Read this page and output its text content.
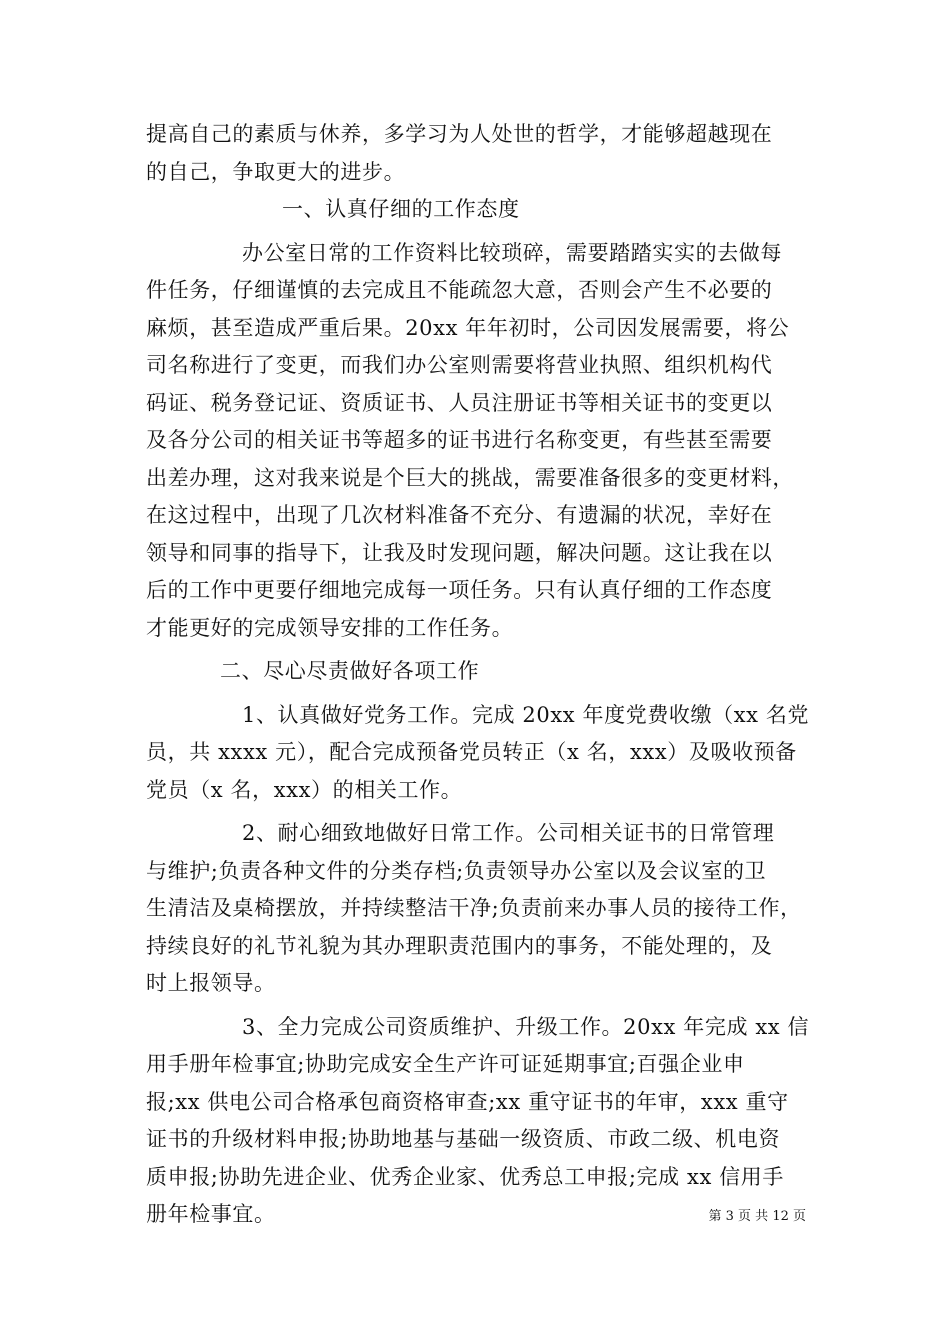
提高自己的素质与休养，多学习为人处世的哲学，才能够超越现在
的自己，争取更大的进步。

一、认真仔细的工作态度

办公室日常的工作资料比较琐碎，需要踏踏实实的去做每
件任务，仔细谨慎的去完成且不能疏忽大意，否则会产生不必要的
麻烦，甚至造成严重后果。20xx 年年初时，公司因发展需要，将公
司名称进行了变更，而我们办公室则需要将营业执照、组织机构代
码证、税务登记证、资质证书、人员注册证书等相关证书的变更以
及各分公司的相关证书等超多的证书进行名称变更，有些甚至需要
出差办理，这对我来说是个巨大的挑战，需要准备很多的变更材料，
在这过程中，出现了几次材料准备不充分、有遗漏的状况，幸好在
领导和同事的指导下，让我及时发现问题，解决问题。这让我在以
后的工作中更要仔细地完成每一项任务。只有认真仔细的工作态度
才能更好的完成领导安排的工作任务。

二、尽心尽责做好各项工作

1、认真做好党务工作。完成 20xx 年度党费收缴（xx 名党
员，共 xxxx 元），配合完成预备党员转正（x 名，xxx）及吸收预备
党员（x 名，xxx）的相关工作。

2、耐心细致地做好日常工作。公司相关证书的日常管理
与维护;负责各种文件的分类存档;负责领导办公室以及会议室的卫
生清洁及桌椅摆放，并持续整洁干净;负责前来办事人员的接待工作，
持续良好的礼节礼貌为其办理职责范围内的事务，不能处理的，及
时上报领导。

3、全力完成公司资质维护、升级工作。20xx 年完成 xx 信
用手册年检事宜;协助完成安全生产许可证延期事宜;百强企业申
报;xx 供电公司合格承包商资格审查;xx 重守证书的年审，xxx 重守
证书的升级材料申报;协助地基与基础一级资质、市政二级、机电资
质申报;协助先进企业、优秀企业家、优秀总工申报;完成 xx 信用手
册年检事宜。	第 3 页 共 12 页
